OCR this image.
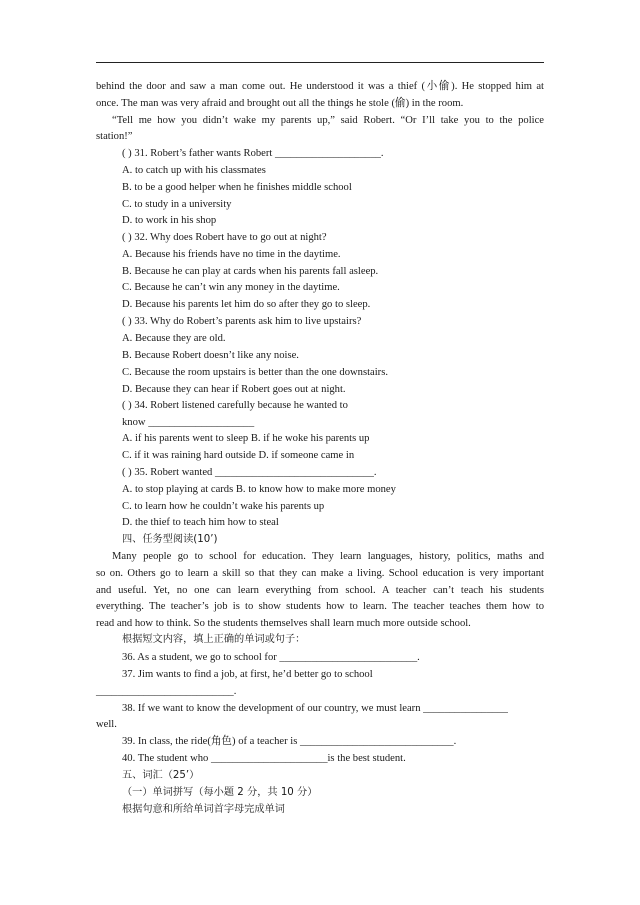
behind the door and saw a man come out. He understood it was a thief (小偷). He stopped him at
once. The man was very afraid and brought out all the things he stole (偷) in the room.
“Tell me how you didn’t wake my parents up,” said Robert. “Or I’ll take you to the police
station!”
( ) 31. Robert’s father wants Robert ____________________.
A. to catch up with his classmates
B. to be a good helper when he finishes middle school
C. to study in a university
D. to work in his shop
( ) 32. Why does Robert have to go out at night?
A. Because his friends have no time in the daytime.
B. Because he can play at cards when his parents fall asleep.
C. Because he can’t win any money in the daytime.
D. Because his parents let him do so after they go to sleep.
( ) 33. Why do Robert’s parents ask him to live upstairs?
A. Because they are old.
B. Because Robert doesn’t like any noise.
C. Because the room upstairs is better than the one downstairs.
D. Because they can hear if Robert goes out at night.
( ) 34. Robert listened carefully because he wanted to
know ____________________
A. if his parents went to sleep B. if he woke his parents up
C. if it was raining hard outside D. if someone came in
( ) 35. Robert wanted ______________________________.
A. to stop playing at cards B. to know how to make more money
C. to learn how he couldn’t wake his parents up
D. the thief to teach him how to steal
四、任务型阅读(10’)
Many people go to school for education. They learn languages, history, politics, maths and
so on. Others go to learn a skill so that they can make a living. School education is very important
and useful. Yet, no one can learn everything from school. A teacher can’t teach his students
everything. The teacher’s job is to show students how to learn. The teacher teaches them how to
read and how to think. So the students themselves shall learn much more outside school.
根据短文内容，填上正确的单词或句子：
36. As a student, we go to school for __________________________.
37. Jim wants to find a job, at first, he’d better go to school
__________________________.
38. If we want to know the development of our country, we must learn ________________
well.
39. In class, the ride(角色) of a teacher is _____________________________.
40. The student who ______________________is the best student.
五、词汇（25’）
（一）单词拼写（每小题 2 分，共 10 分）
根据句意和所给单词首字母完成单词
